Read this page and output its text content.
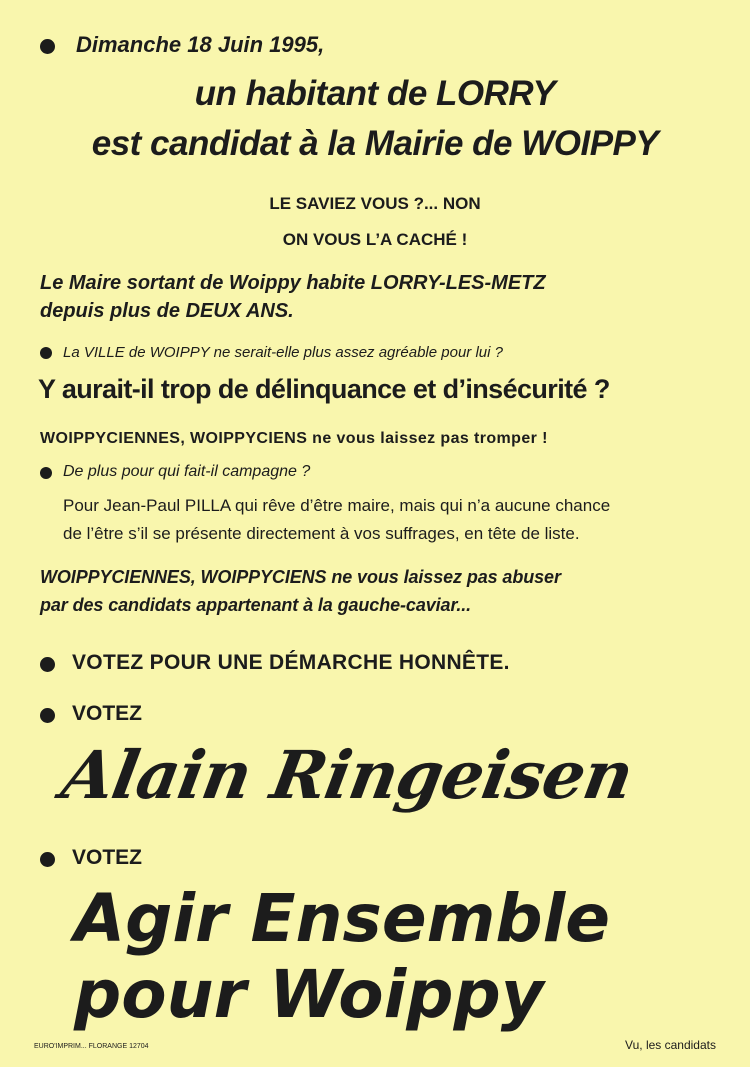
Dimanche 18 Juin 1995,
un habitant de LORRY
est candidat à la Mairie de WOIPPY
LE SAVIEZ VOUS ?... NON
ON VOUS L’A CACHÉ !
Le Maire sortant de Woippy habite LORRY-LES-METZ
depuis plus de DEUX ANS.
La VILLE de WOIPPY ne serait-elle plus assez agréable pour lui ?
Y aurait-il trop de délinquance et d’insécurité ?
WOIPPYCIENNES, WOIPPYCIENS ne vous laissez pas tromper !
De plus pour qui fait-il campagne ?
Pour Jean-Paul PILLA qui rêve d’être maire, mais qui n’a aucune chance
de l’être s’il se présente directement à vos suffrages, en tête de liste.
WOIPPYCIENNES, WOIPPYCIENS ne vous laissez pas abuser
par des candidats appartenant à la gauche-caviar...
VOTEZ POUR UNE DÉMARCHE HONNÊTE.
VOTEZ
Alain Ringeisen
VOTEZ
Agir Ensemble
pour Woippy
EURO'IMPRIM... FLORANGE 12704	Vu, les candidats
